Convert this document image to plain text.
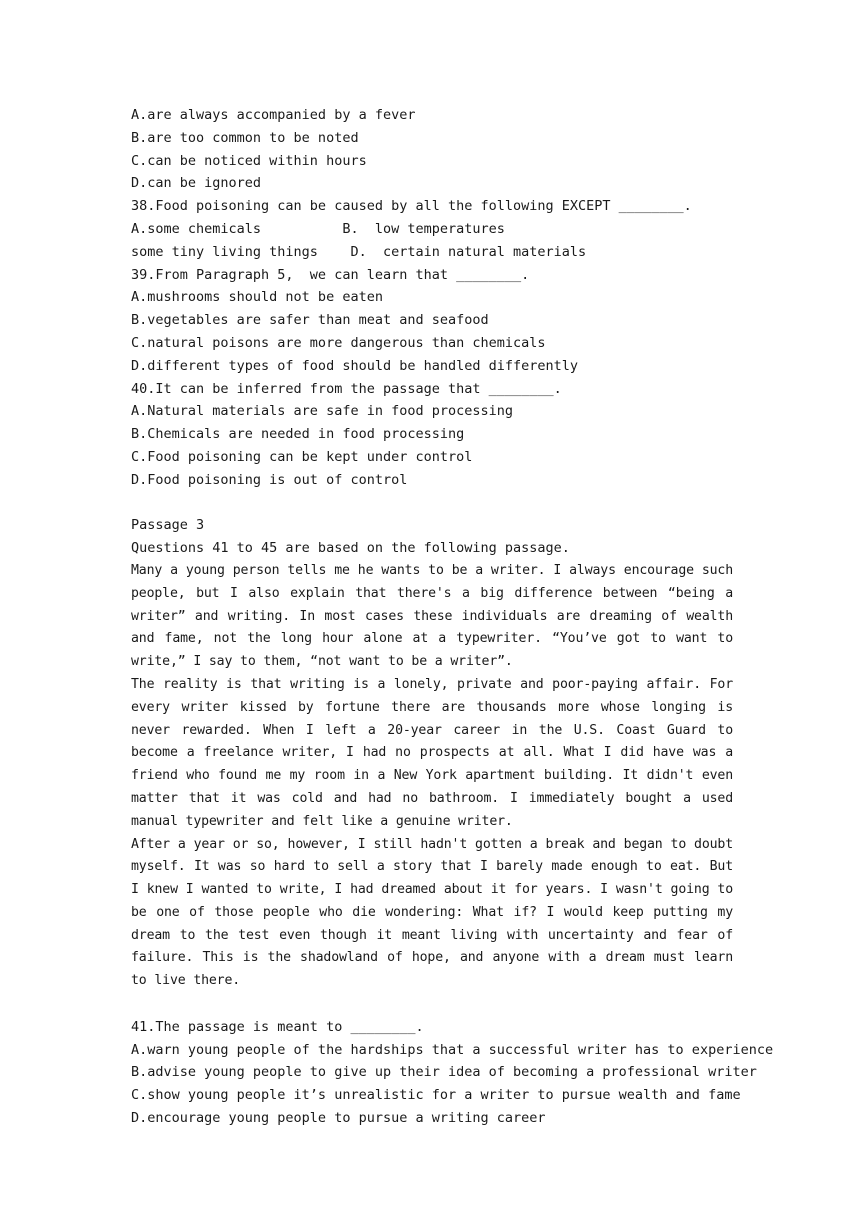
A.are always accompanied by a fever

B.are too common to be noted

C.can be noticed within hours

D.can be ignored

38.Food poisoning can be caused by all the following EXCEPT ________.

A.some chemicals          B.  low temperatures

some tiny living things    D.  certain natural materials

39.From Paragraph 5,  we can learn that ________.

A.mushrooms should not be eaten

B.vegetables are safer than meat and seafood

C.natural poisons are more dangerous than chemicals

D.different types of food should be handled differently

40.It can be inferred from the passage that ________.

A.Natural materials are safe in food processing

B.Chemicals are needed in food processing

C.Food poisoning can be kept under control

D.Food poisoning is out of control

Passage 3

Questions 41 to 45 are based on the following passage.

Many a young person tells me he wants to be a writer. I always encourage such people, but I also explain that there's a big difference between “being a writer” and writing. In most cases these individuals are dreaming of wealth and fame, not the long hour alone at a typewriter. “You’ve got to want to write,” I say to them, “not want to be a writer”.

The reality is that writing is a lonely, private and poor-paying affair. For every writer kissed by fortune there are thousands more whose longing is never rewarded. When I left a 20-year career in the U.S. Coast Guard to become a freelance writer, I had no prospects at all. What I did have was a friend who found me my room in a New York apartment building. It didn't even matter that it was cold and had no bathroom. I immediately bought a used manual typewriter and felt like a genuine writer.

After a year or so, however, I still hadn't gotten a break and began to doubt myself. It was so hard to sell a story that I barely made enough to eat. But I knew I wanted to write, I had dreamed about it for years. I wasn't going to be one of those people who die wondering: What if? I would keep putting my dream to the test even though it meant living with uncertainty and fear of failure. This is the shadowland of hope, and anyone with a dream must learn to live there.

41.The passage is meant to ________.

A.warn young people of the hardships that a successful writer has to experience

B.advise young people to give up their idea of becoming a professional writer

C.show young people it’s unrealistic for a writer to pursue wealth and fame

D.encourage young people to pursue a writing career
